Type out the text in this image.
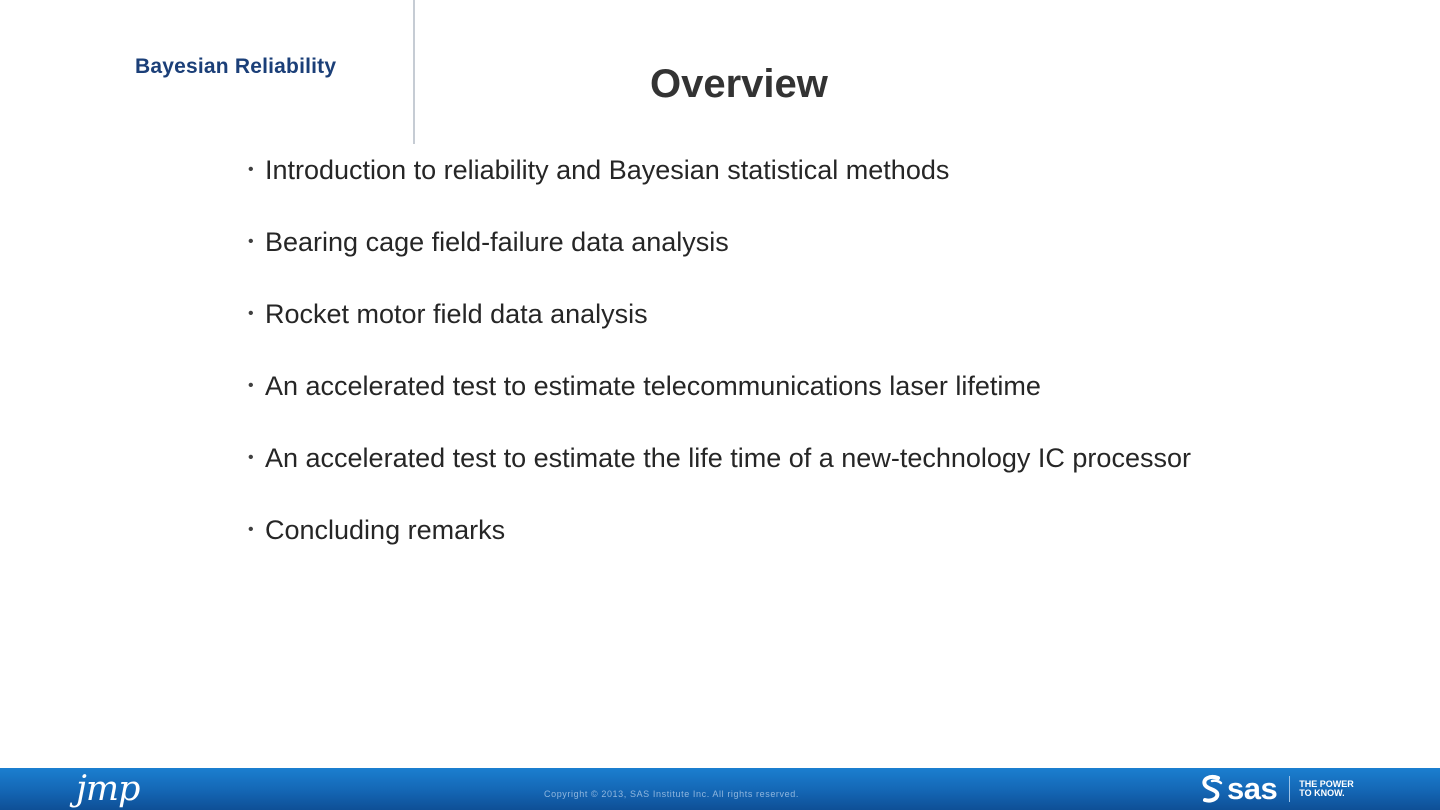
Bayesian Reliability	Overview
• Introduction to reliability and Bayesian statistical methods
• Bearing cage field-failure data analysis
• Rocket motor field data analysis
• An accelerated test to estimate telecommunications laser lifetime
• An accelerated test to estimate the life time of a new-technology IC processor
• Concluding remarks
jmp	Copyright © 2013, SAS Institute Inc. All rights reserved.	sas THE POWER TO KNOW.
